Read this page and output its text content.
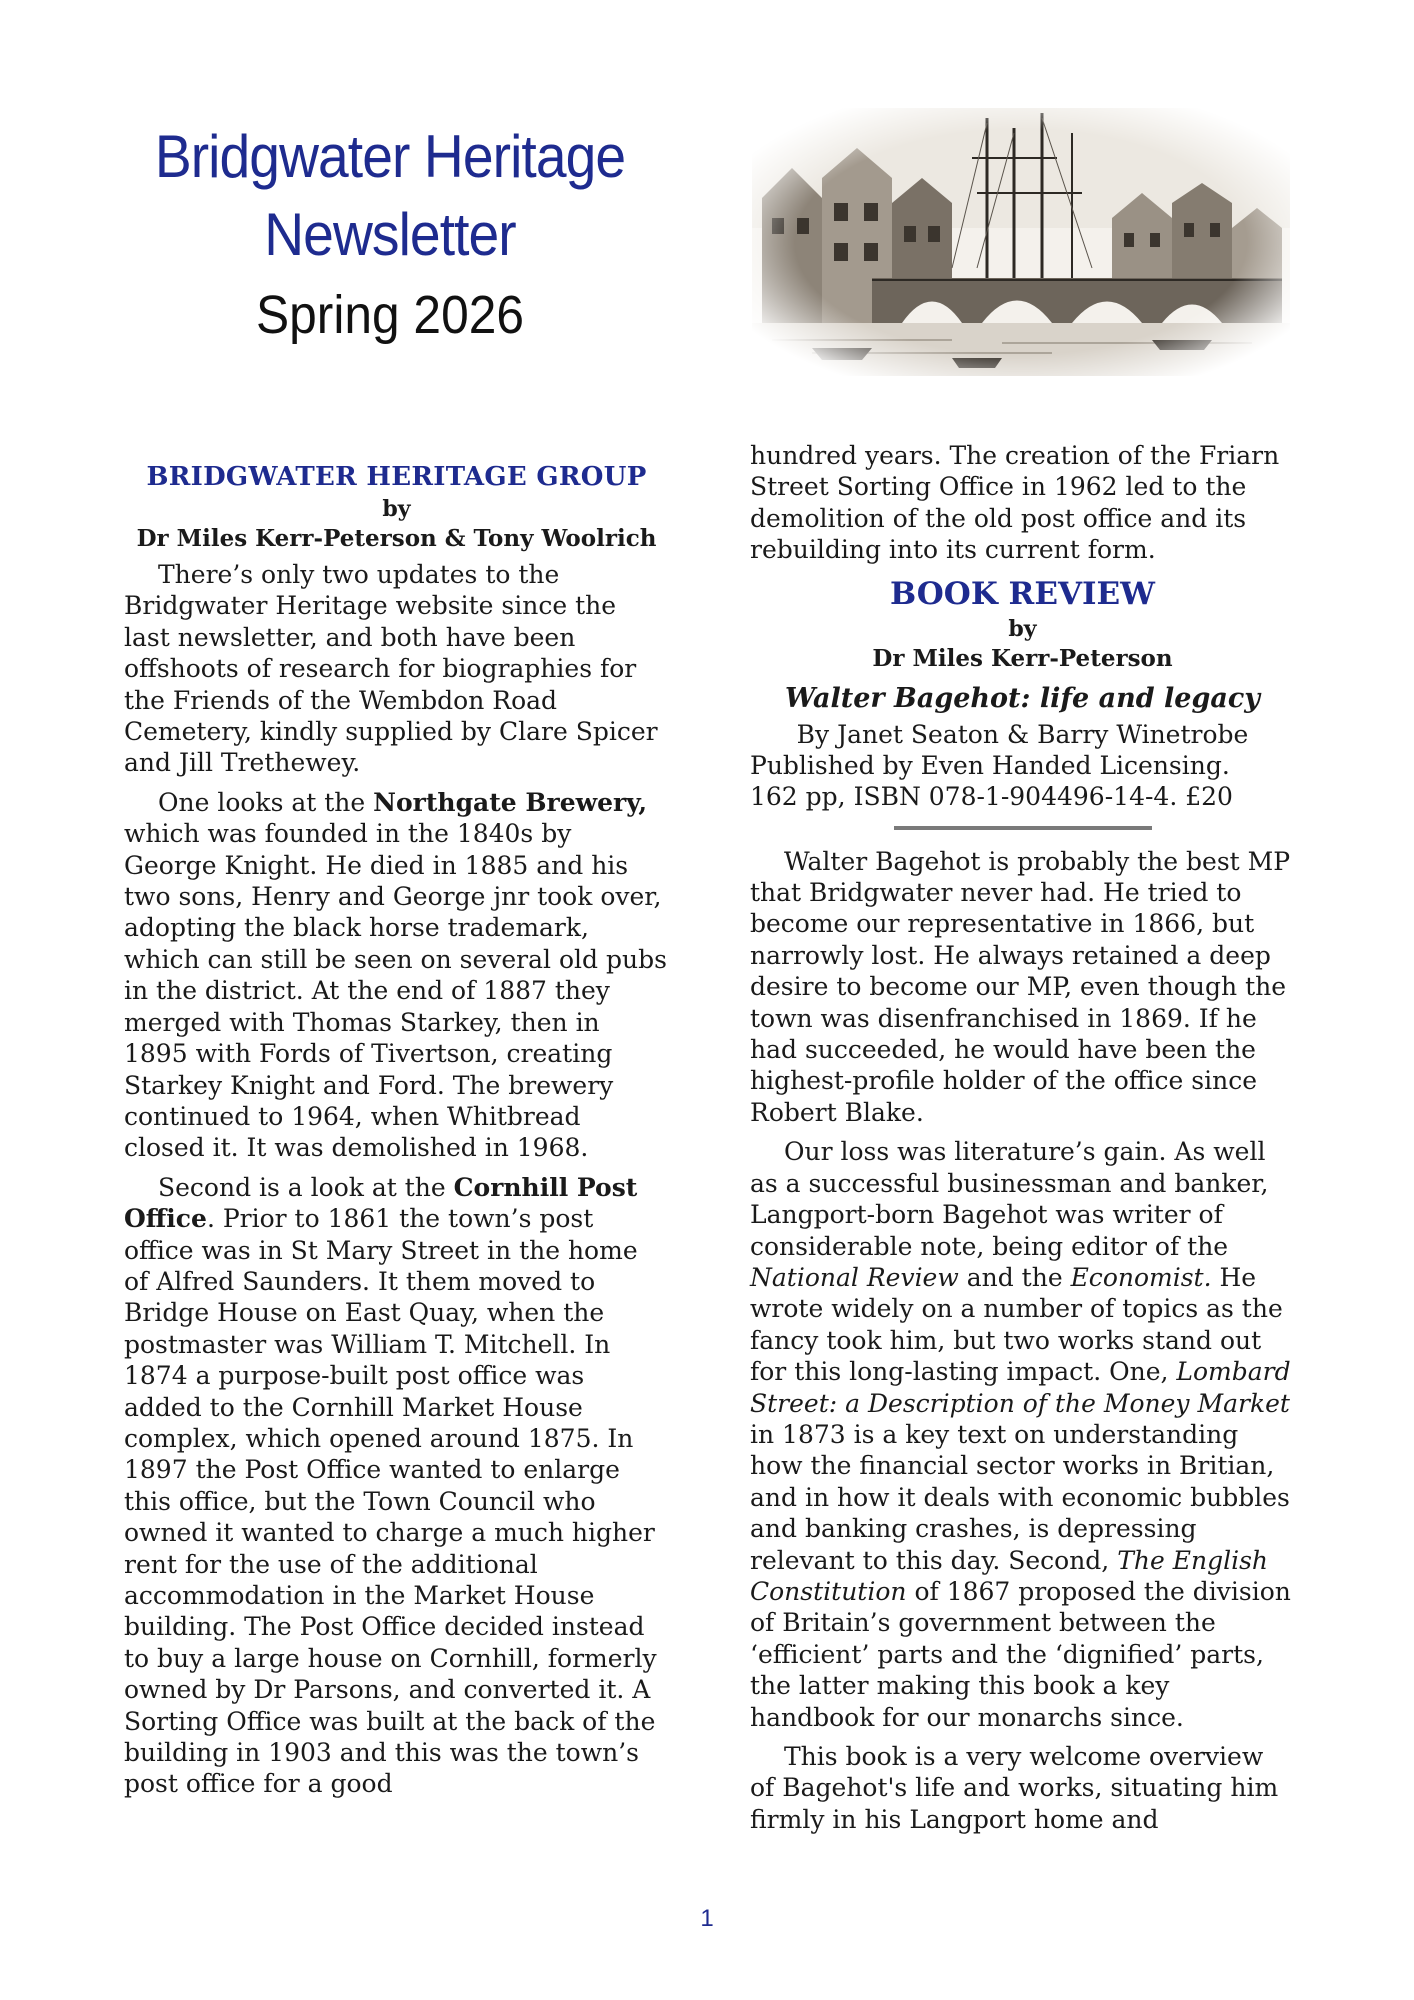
Bridgwater Heritage
Newsletter
Spring 2026
BRIDGWATER HERITAGE GROUP
by
Dr Miles Kerr-Peterson & Tony Woolrich

There’s only two updates to the Bridgwater Heritage website since the last newsletter, and both have been offshoots of research for biographies for the Friends of the Wembdon Road Cemetery, kindly supplied by Clare Spicer and Jill Trethewey.

One looks at the Northgate Brewery, which was founded in the 1840s by George Knight. He died in 1885 and his two sons, Henry and George jnr took over, adopting the black horse trademark, which can still be seen on several old pubs in the district. At the end of 1887 they merged with Thomas Starkey, then in 1895 with Fords of Tivertson, creating Starkey Knight and Ford. The brewery continued to 1964, when Whitbread closed it. It was demolished in 1968.

Second is a look at the Cornhill Post Office. Prior to 1861 the town’s post office was in St Mary Street in the home of Alfred Saunders. It them moved to Bridge House on East Quay, when the postmaster was William T. Mitchell. In 1874 a purpose-built post office was added to the Cornhill Market House complex, which opened around 1875. In 1897 the Post Office wanted to enlarge this office, but the Town Council who owned it wanted to charge a much higher rent for the use of the additional accommodation in the Market House building. The Post Office decided instead to buy a large house on Cornhill, formerly owned by Dr Parsons, and converted it. A Sorting Office was built at the back of the building in 1903 and this was the town’s post office for a good

hundred years. The creation of the Friarn Street Sorting Office in 1962 led to the demolition of the old post office and its rebuilding into its current form.

BOOK REVIEW
by
Dr Miles Kerr-Peterson
Walter Bagehot: life and legacy
By Janet Seaton & Barry Winetrobe
Published by Even Handed Licensing.
162 pp, ISBN 078-1-904496-14-4. £20

Walter Bagehot is probably the best MP that Bridgwater never had. He tried to become our representative in 1866, but narrowly lost. He always retained a deep desire to become our MP, even though the town was disenfranchised in 1869. If he had succeeded, he would have been the highest-profile holder of the office since Robert Blake.

Our loss was literature’s gain. As well as a successful businessman and banker, Langport-born Bagehot was writer of considerable note, being editor of the National Review and the Economist. He wrote widely on a number of topics as the fancy took him, but two works stand out for this long-lasting impact. One, Lombard Street: a Description of the Money Market in 1873 is a key text on understanding how the financial sector works in Britian, and in how it deals with economic bubbles and banking crashes, is depressing relevant to this day. Second, The English Constitution of 1867 proposed the division of Britain’s government between the ‘efficient’ parts and the ‘dignified’ parts, the latter making this book a key handbook for our monarchs since.

This book is a very welcome overview of Bagehot's life and works, situating him firmly in his Langport home and

1
